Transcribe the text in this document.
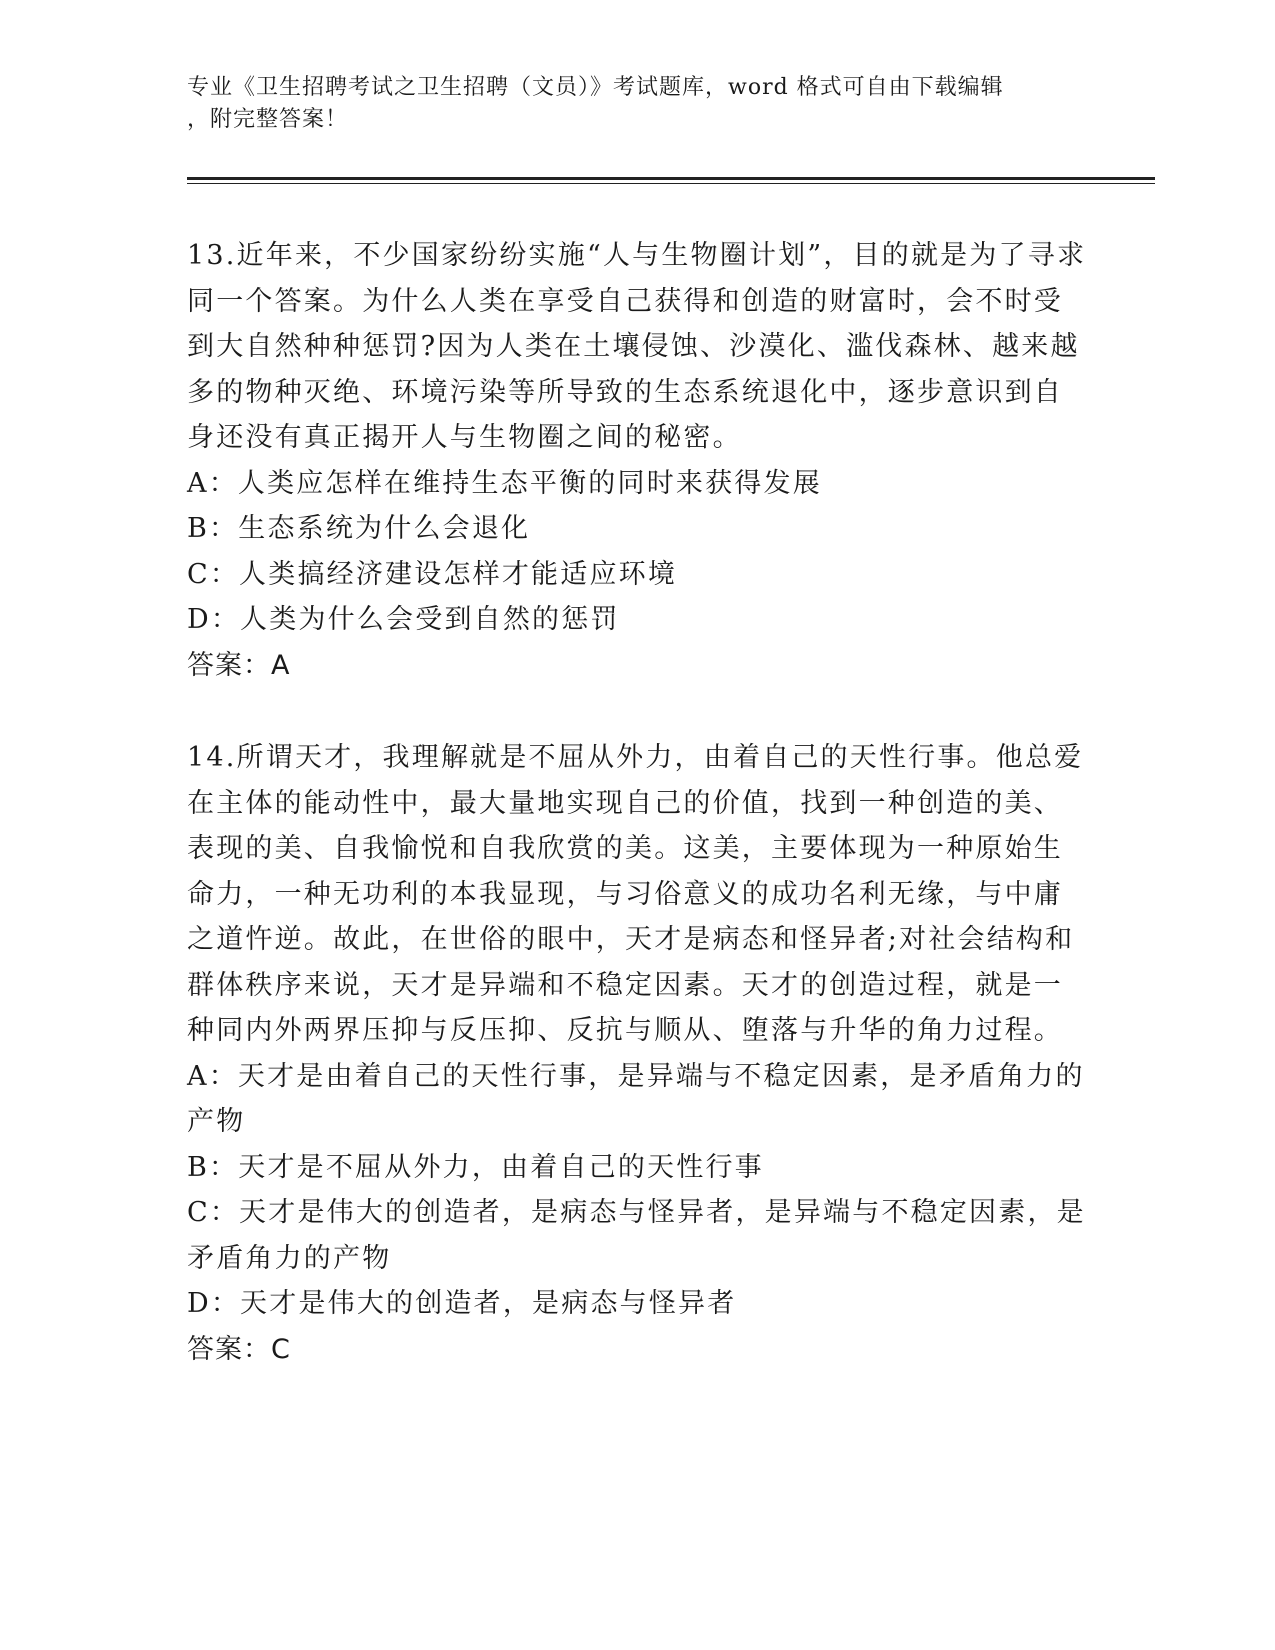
专业《卫生招聘考试之卫生招聘（文员）》考试题库，word 格式可自由下载编辑
，附完整答案！

13.近年来，不少国家纷纷实施“人与生物圈计划”，目的就是为了寻求同一个答案。为什么人类在享受自己获得和创造的财富时，会不时受到大自然种种惩罚?因为人类在土壤侵蚀、沙漠化、滥伐森林、越来越多的物种灭绝、环境污染等所导致的生态系统退化中，逐步意识到自身还没有真正揭开人与生物圈之间的秘密。

A：人类应怎样在维持生态平衡的同时来获得发展

B：生态系统为什么会退化

C：人类搞经济建设怎样才能适应环境

D：人类为什么会受到自然的惩罚

答案：A

14.所谓天才，我理解就是不屈从外力，由着自己的天性行事。他总爱在主体的能动性中，最大量地实现自己的价值，找到一种创造的美、表现的美、自我愉悦和自我欣赏的美。这美，主要体现为一种原始生命力，一种无功利的本我显现，与习俗意义的成功名利无缘，与中庸之道忤逆。故此，在世俗的眼中，天才是病态和怪异者;对社会结构和群体秩序来说，天才是异端和不稳定因素。天才的创造过程，就是一种同内外两界压抑与反压抑、反抗与顺从、堕落与升华的角力过程。

A：天才是由着自己的天性行事，是异端与不稳定因素，是矛盾角力的产物

B：天才是不屈从外力，由着自己的天性行事

C：天才是伟大的创造者，是病态与怪异者，是异端与不稳定因素，是矛盾角力的产物

D：天才是伟大的创造者，是病态与怪异者

答案：C
